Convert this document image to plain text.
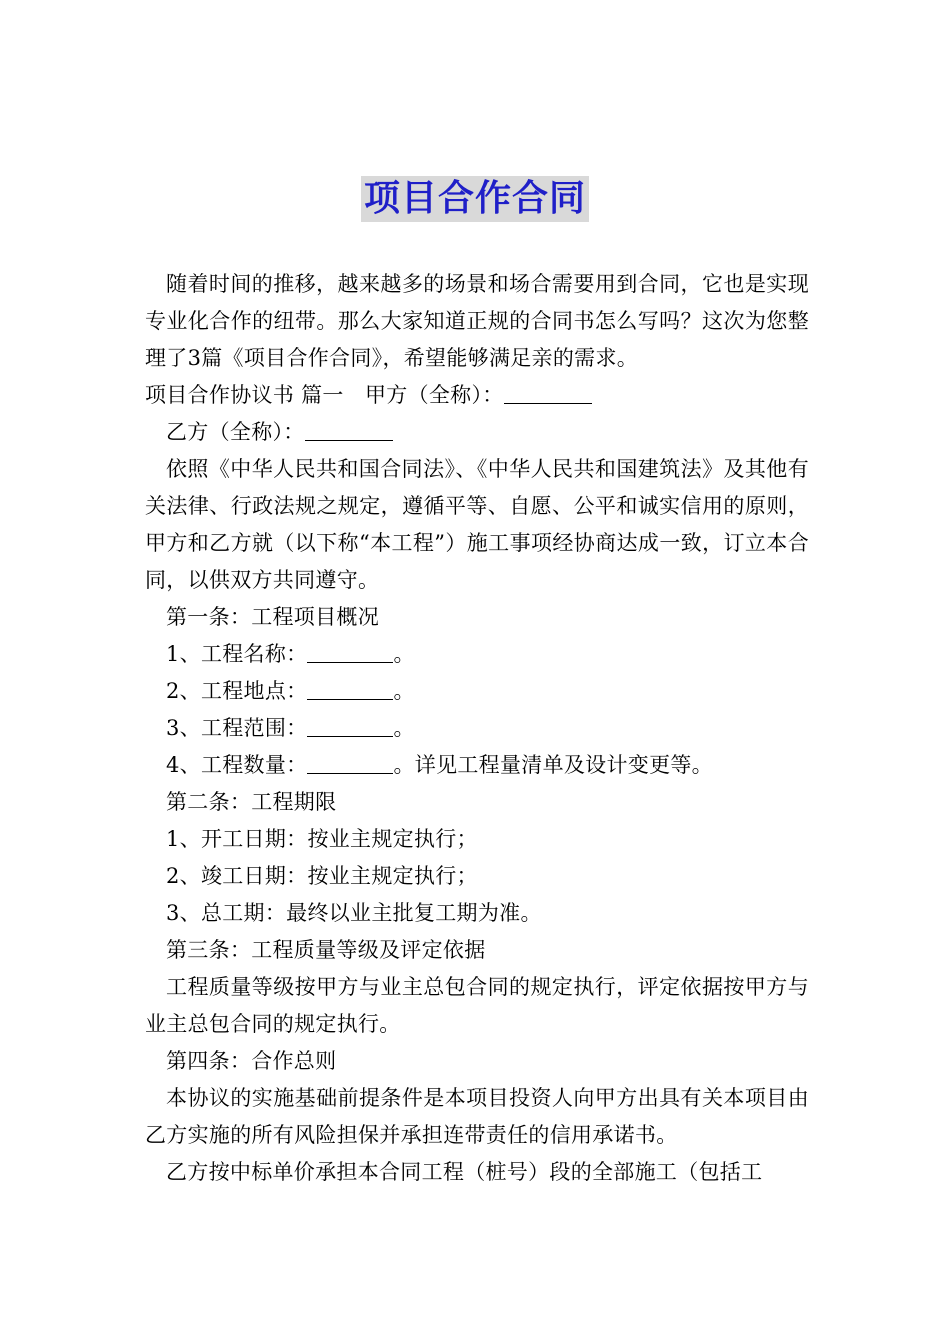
项目合作合同

随着时间的推移，越来越多的场景和场合需要用到合同，它也是实现专业化合作的纽带。那么大家知道正规的合同书怎么写吗？这次为您整理了3篇《项目合作合同》，希望能够满足亲的需求。

项目合作协议书 篇一　甲方（全称）：

乙方（全称）：

依照《中华人民共和国合同法》、《中华人民共和国建筑法》及其他有关法律、行政法规之规定，遵循平等、自愿、公平和诚实信用的原则，甲方和乙方就（以下称“本工程”）施工事项经协商达成一致，订立本合同，以供双方共同遵守。

第一条：工程项目概况

1、工程名称：	。

2、工程地点：	。

3、工程范围：	。

4、工程数量：	。详见工程量清单及设计变更等。

第二条：工程期限

1、开工日期：按业主规定执行；

2、竣工日期：按业主规定执行；

3、总工期：最终以业主批复工期为准。

第三条：工程质量等级及评定依据

工程质量等级按甲方与业主总包合同的规定执行，评定依据按甲方与业主总包合同的规定执行。

第四条：合作总则

本协议的实施基础前提条件是本项目投资人向甲方出具有关本项目由乙方实施的所有风险担保并承担连带责任的信用承诺书。

乙方按中标单价承担本合同工程（桩号）段的全部施工（包括工
